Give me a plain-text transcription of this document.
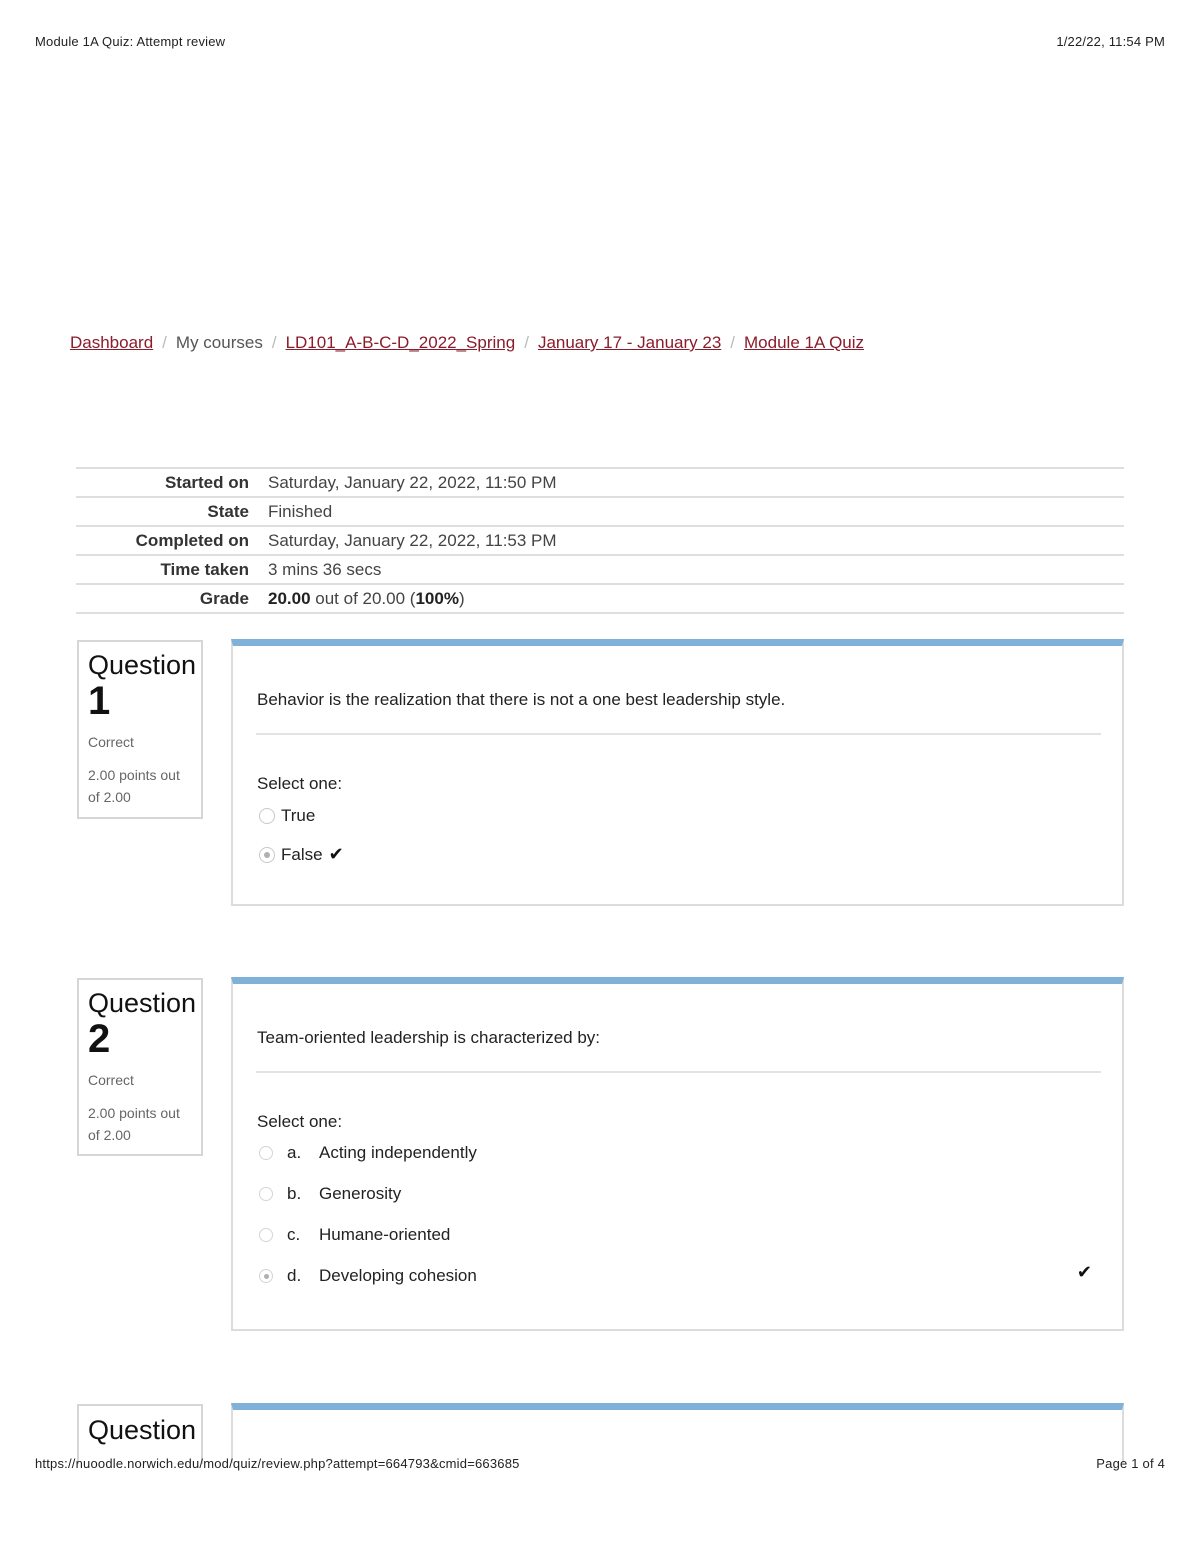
Module 1A Quiz: Attempt review	1/22/22, 11:54 PM
Dashboard / My courses / LD101_A-B-C-D_2022_Spring / January 17 - January 23 / Module 1A Quiz
Started on	Saturday, January 22, 2022, 11:50 PM
State	Finished
Completed on	Saturday, January 22, 2022, 11:53 PM
Time taken	3 mins 36 secs
Grade	20.00 out of 20.00 (100%)
Question
1
Correct
2.00 points out of 2.00
Behavior is the realization that there is not a one best leadership style.
Select one:
True
False ✔
Question
2
Correct
2.00 points out of 2.00
Team-oriented leadership is characterized by:
Select one:
a.	Acting independently
b.	Generosity
c.	Humane-oriented
d.	Developing cohesion	✔
Question
https://nuoodle.norwich.edu/mod/quiz/review.php?attempt=664793&cmid=663685	Page 1 of 4
